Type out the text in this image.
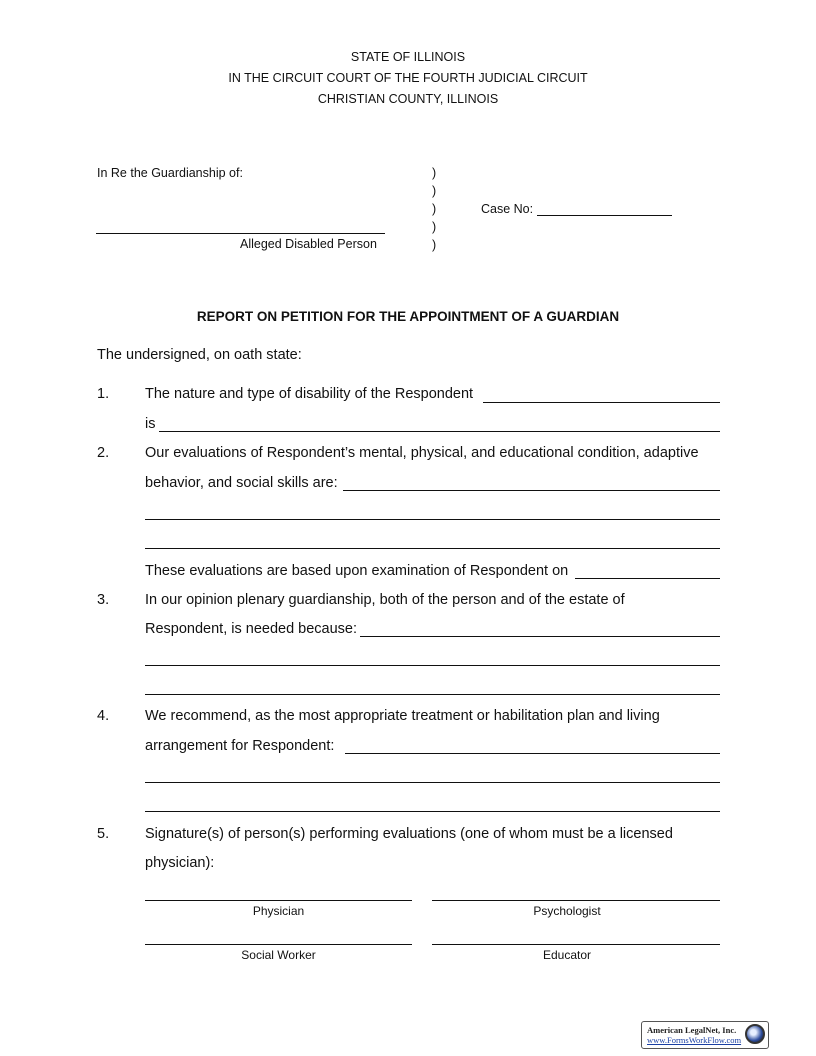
STATE OF ILLINOIS
IN THE CIRCUIT COURT OF THE FOURTH JUDICIAL CIRCUIT
CHRISTIAN COUNTY, ILLINOIS
In Re the Guardianship of:
Alleged Disabled Person
)
)
)
)
)
Case No:
REPORT ON PETITION FOR THE APPOINTMENT OF A GUARDIAN
The undersigned, on oath state:
1. The nature and type of disability of the Respondent
is
2. Our evaluations of Respondent’s mental, physical, and educational condition, adaptive
behavior, and social skills are:
These evaluations are based upon examination of Respondent on
3. In our opinion plenary guardianship, both of the person and of the estate of
Respondent, is needed because:
4. We recommend, as the most appropriate treatment or habilitation plan and living
arrangement for Respondent:
5. Signature(s) of person(s) performing evaluations (one of whom must be a licensed
physician):
Physician	Psychologist
Social Worker	Educator
American LegalNet, Inc.
www.FormsWorkFlow.com
